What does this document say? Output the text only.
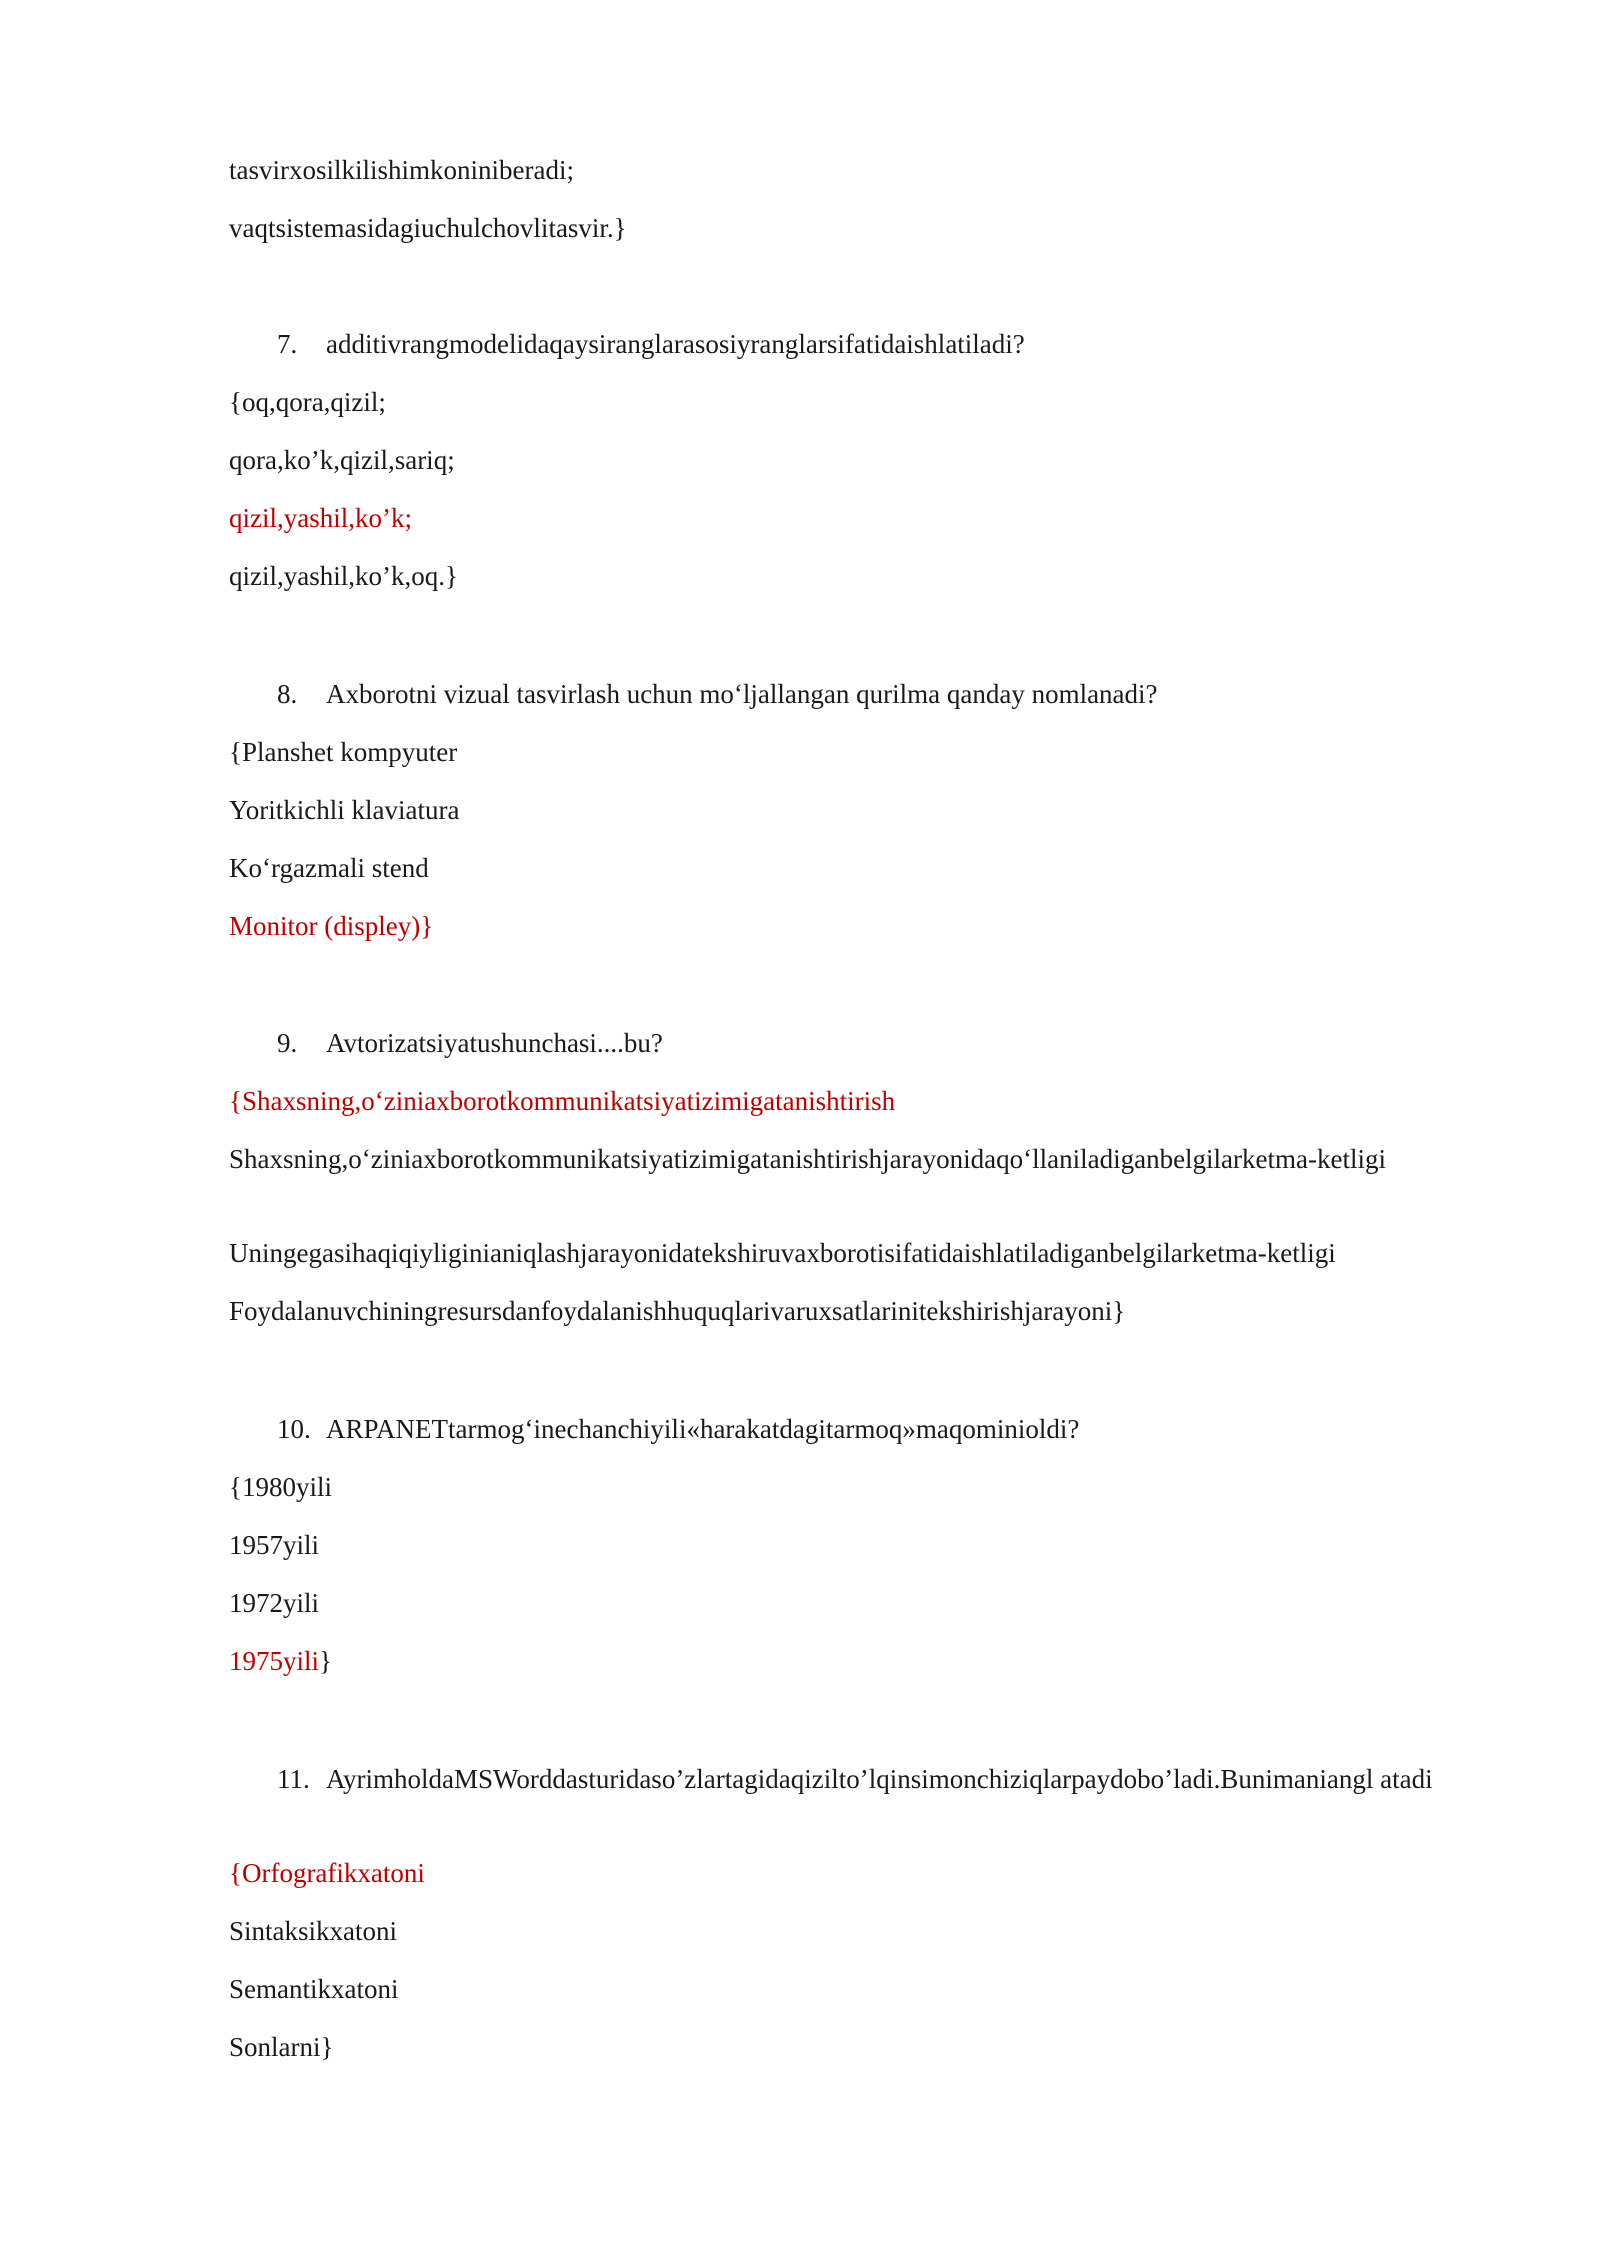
tasvirxosilkilishimkoniniberadi;
vaqtsistemasidagiuchulchovlitasvir.}
7. additivrangmodelidaqaysiranglarasosiyranglarsifatidaishlatiladi?
{oq,qora,qizil;
qora,ko’k,qizil,sariq;
qizil,yashil,ko’k;
qizil,yashil,ko’k,oq.}
8. Axborotni vizual tasvirlash uchun mo‘ljallangan qurilma qanday nomlanadi?
{Planshet kompyuter
Yoritkichli klaviatura
Ko‘rgazmali stend
Monitor (displey)}
9. Avtorizatsiyatushunchasi....bu?
{Shaxsning,o‘ziniaxborotkommunikatsiyatizimigatanishtirish
Shaxsning,o‘ziniaxborotkommunikatsiyatizimigatanishtirishjarayonidaqo‘llaniladiganbelgilarketma-ketligi
Uningegasihaqiqiyliginianiqlashjarayonidatekshiruvaxborotisifatidaishlatiladiganbelgilarketma-ketligi
Foydalanuvchiningresursdanfoydalanishhuquqlarivaruxsatlarinitekshirishjarayoni}
10. ARPANETtarmog‘inechanchiyili«harakatdagitarmoq»maqominioldi?
{1980yili
1957yili
1972yili
1975yili}
11. AyrimholdaMSWorddasturidaso’zlartagidaqizilto’lqinsimonchiziqlarpaydobo’ladi.Bunimaniangl atadi
{Orfografikxatoni
Sintaksikxatoni
Semantikxatoni
Sonlarni}
